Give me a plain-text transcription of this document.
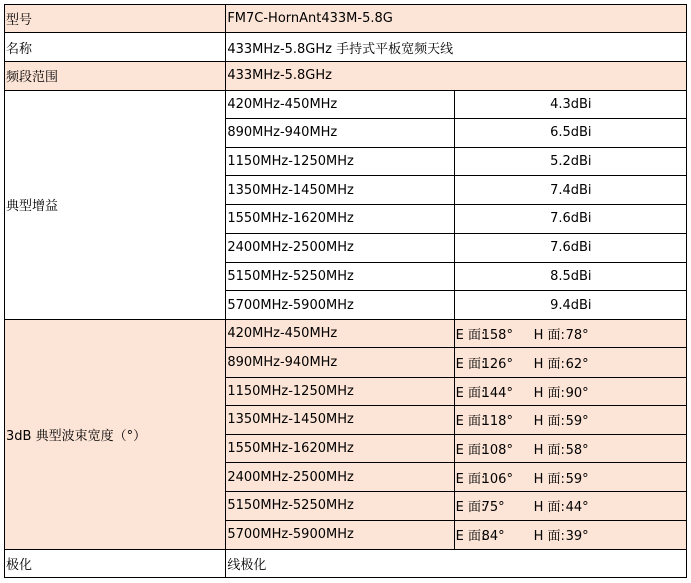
型号	FM7C-HornAnt433M-5.8G	
名称	433MHz-5.8GHz 手持式平板宽频天线	
频段范围	433MHz-5.8GHz	
典型增益	420MHz-450MHz	4.3dBi
	890MHz-940MHz	6.5dBi
	1150MHz-1250MHz	5.2dBi
	1350MHz-1450MHz	7.4dBi
	1550MHz-1620MHz	7.6dBi
	2400MHz-2500MHz	7.6dBi
	5150MHz-5250MHz	8.5dBi
	5700MHz-5900MHz	9.4dBi
3dB 典型波束宽度（°）	420MHz-450MHz	E 面:158° H 面:78°
	890MHz-940MHz	E 面:126° H 面:62°
	1150MHz-1250MHz	E 面:144° H 面:90°
	1350MHz-1450MHz	E 面:118° H 面:59°
	1550MHz-1620MHz	E 面:108° H 面:58°
	2400MHz-2500MHz	E 面:106° H 面:59°
	5150MHz-5250MHz	E 面:75° H 面:44°
	5700MHz-5900MHz	E 面:84° H 面:39°
极化	线极化	
